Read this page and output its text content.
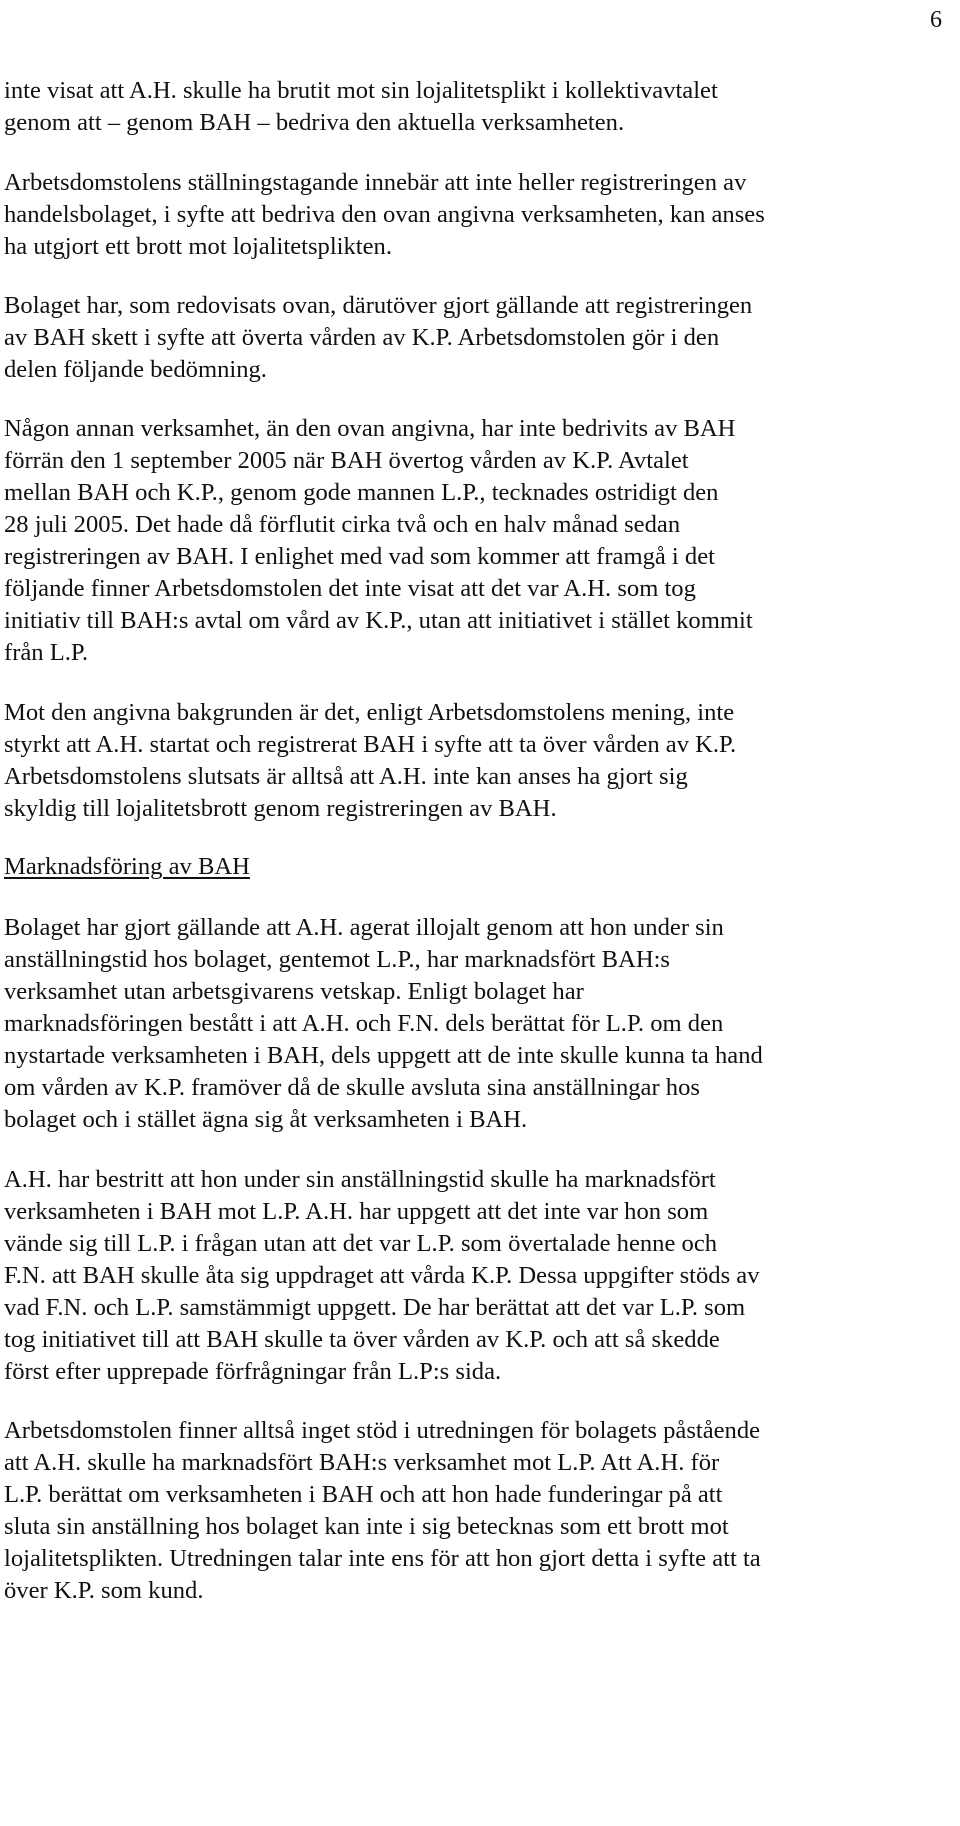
6
inte visat att A.H. skulle ha brutit mot sin lojalitetsplikt i kollektivavtalet
genom att – genom BAH – bedriva den aktuella verksamheten.
Arbetsdomstolens ställningstagande innebär att inte heller registreringen av
handelsbolaget, i syfte att bedriva den ovan angivna verksamheten, kan anses
ha utgjort ett brott mot lojalitetsplikten.
Bolaget har, som redovisats ovan, därutöver gjort gällande att registreringen
av BAH skett i syfte att överta vården av K.P. Arbetsdomstolen gör i den
delen följande bedömning.
Någon annan verksamhet, än den ovan angivna, har inte bedrivits av BAH
förrän den 1 september 2005 när BAH övertog vården av K.P. Avtalet
mellan BAH och K.P., genom gode mannen L.P., tecknades ostridigt den
28 juli 2005. Det hade då förflutit cirka två och en halv månad sedan
registreringen av BAH. I enlighet med vad som kommer att framgå i det
följande finner Arbetsdomstolen det inte visat att det var A.H. som tog
initiativ till BAH:s avtal om vård av K.P., utan att initiativet i stället kommit
från L.P.
Mot den angivna bakgrunden är det, enligt Arbetsdomstolens mening, inte
styrkt att A.H. startat och registrerat BAH i syfte att ta över vården av K.P.
Arbetsdomstolens slutsats är alltså att A.H. inte kan anses ha gjort sig
skyldig till lojalitetsbrott genom registreringen av BAH.
Marknadsföring av BAH
Bolaget har gjort gällande att A.H. agerat illojalt genom att hon under sin
anställningstid hos bolaget, gentemot L.P., har marknadsfört BAH:s
verksamhet utan arbetsgivarens vetskap. Enligt bolaget har
marknadsföringen bestått i att A.H. och F.N. dels berättat för L.P. om den
nystartade verksamheten i BAH, dels uppgett att de inte skulle kunna ta hand
om vården av K.P. framöver då de skulle avsluta sina anställningar hos
bolaget och i stället ägna sig åt verksamheten i BAH.
A.H. har bestritt att hon under sin anställningstid skulle ha marknadsfört
verksamheten i BAH mot L.P. A.H. har uppgett att det inte var hon som
vände sig till L.P. i frågan utan att det var L.P. som övertalade henne och
F.N. att BAH skulle åta sig uppdraget att vårda K.P. Dessa uppgifter stöds av
vad F.N. och L.P. samstämmigt uppgett. De har berättat att det var L.P. som
tog initiativet till att BAH skulle ta över vården av K.P. och att så skedde
först efter upprepade förfrågningar från L.P:s sida.
Arbetsdomstolen finner alltså inget stöd i utredningen för bolagets påstående
att A.H. skulle ha marknadsfört BAH:s verksamhet mot L.P. Att A.H. för
L.P. berättat om verksamheten i BAH och att hon hade funderingar på att
sluta sin anställning hos bolaget kan inte i sig betecknas som ett brott mot
lojalitetsplikten. Utredningen talar inte ens för att hon gjort detta i syfte att ta
över K.P. som kund.
